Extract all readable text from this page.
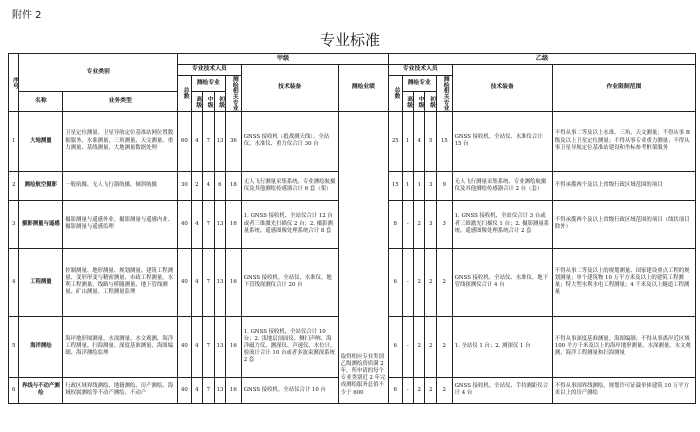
附件 2
专业标准
序号	专业类别		甲级							乙级						
			专业技术人员					技术装备	测绘业绩	专业技术人员					技术装备	作业限制范围
			总数	测绘专业			测绘相关专业			总数	测绘专业			测绘相关专业		
	名称	业务类型		高级	中级	初级					高级	中级	初级			
1	大地测量	卫星定位测量、卫星导航定位基准站网位置数据服务、水准测量、三角测量、天文测量、重力测量、基线测量、大地测量数据处理	60	4	7	13	36	GNSS 接收机（抵战测天线）、全站仪、水准仪、重力仪合计 30 台	取得相应专业类别乙级测绘资质满 2 年，所申请的每个专业类别近 2 年完成测绘服务总值不少于 600	25	1	4	5	15	GNSS 接收机、全站仪、水准仪合计 15 台	不得从事二等及以上水准、三角、天文测量；不得从事 B 级及以上卫星定位测量；不得从事专业重力测量；不得从事卫星导航定位基准站建设和坐标参考框架服务
2	测绘航空摄影	一般航摄、无人飞行器航摄、倾斜航摄	30	2	4	6	18	无人飞行测量采集系统、专业测绘航摄仪及其他测绘传感器合计 6 套（架）		15	1	1	3	9	无人飞行测量采集系统、专业测绘航摄仪及其他测绘传感器合计 2 台（套）	不得承揽两个及以上省级行政区域范围的项目
3	摄影测量与遥感	摄影测量与遥感外业、摄影测量与遥感内业、摄影测量与遥感监理	40	4	7	13	16	1. GNSS 接收机、全站仪合计 12 台或者三维激光扫描仪 2 台；2. 摄影测量系统、遥感图像处理系统合计 8 套		8	-	2	3	3	1. GNSS 接收机、全站仪合计 3 台或者三维激光扫描仪 1 台；2. 摄影测量系统、遥感图像处理系统合计 2 套	不得承揽两个及以上省级行政区域范围的项目（线状项目除外）
4	工程测量	控制测量、地形测量、规划测量、建筑工程测量、变形形变与精密测量、市政工程测量、水利工程测量、线路与桥隧测量、地下管线测量、矿山测量、工程测量监理	40	4	7	13	16	GNSS 接收机、全站仪、水准仪、地下管线探测仪合计 20 台		6	-	2	2	2	GNSS 接收机、全站仪、水准仪、地下管线探测仪合计 4 台	不得从事二等及以上的规划测量、国家建设重点工程的规划测量；单个建筑物 10 万平方米及以上的建筑工程测量；特大型水利水电工程测量；4 千米及以上隧道工程测量
5	海洋测绘	海岸地形图测量、水深测量、水文观测、海洋工程测量、扫海测量、深度基准测量、海图编制、海洋测绘监理	40	4	7	13	16	1. GNSS 接收机、全站仪合计 10 台；2. 浅地层剖面仪、侧扫声呐、海洋磁力仪、测深仪、声速仪、水位计、验流计合计 10 台或者多波束测深系统 2 套		6	-	2	2	2	1. 全站仪 1 台；2. 测深仪 1 台	不得从事深度基准测量、海图编制；不得从事离岸近区域 100 平方千米及以上的海岸地形测量、水深测量、水文观测、海洋工程测量和扫海测量
6	界线与不动产测绘	行政区域界线测绘、地籍测绘、房产测绘、海域权属测绘等不动产测绘、不动产	40	4	7	13	16	GNSS 接收机、全站仪合计 10 台		6	-	2	2	2	GNSS 接收机、全站仪、手持测距仪合计 4 台	不得从事国界线测绘、规划许可证载单体建筑 10 万平方米以上的房产测绘
